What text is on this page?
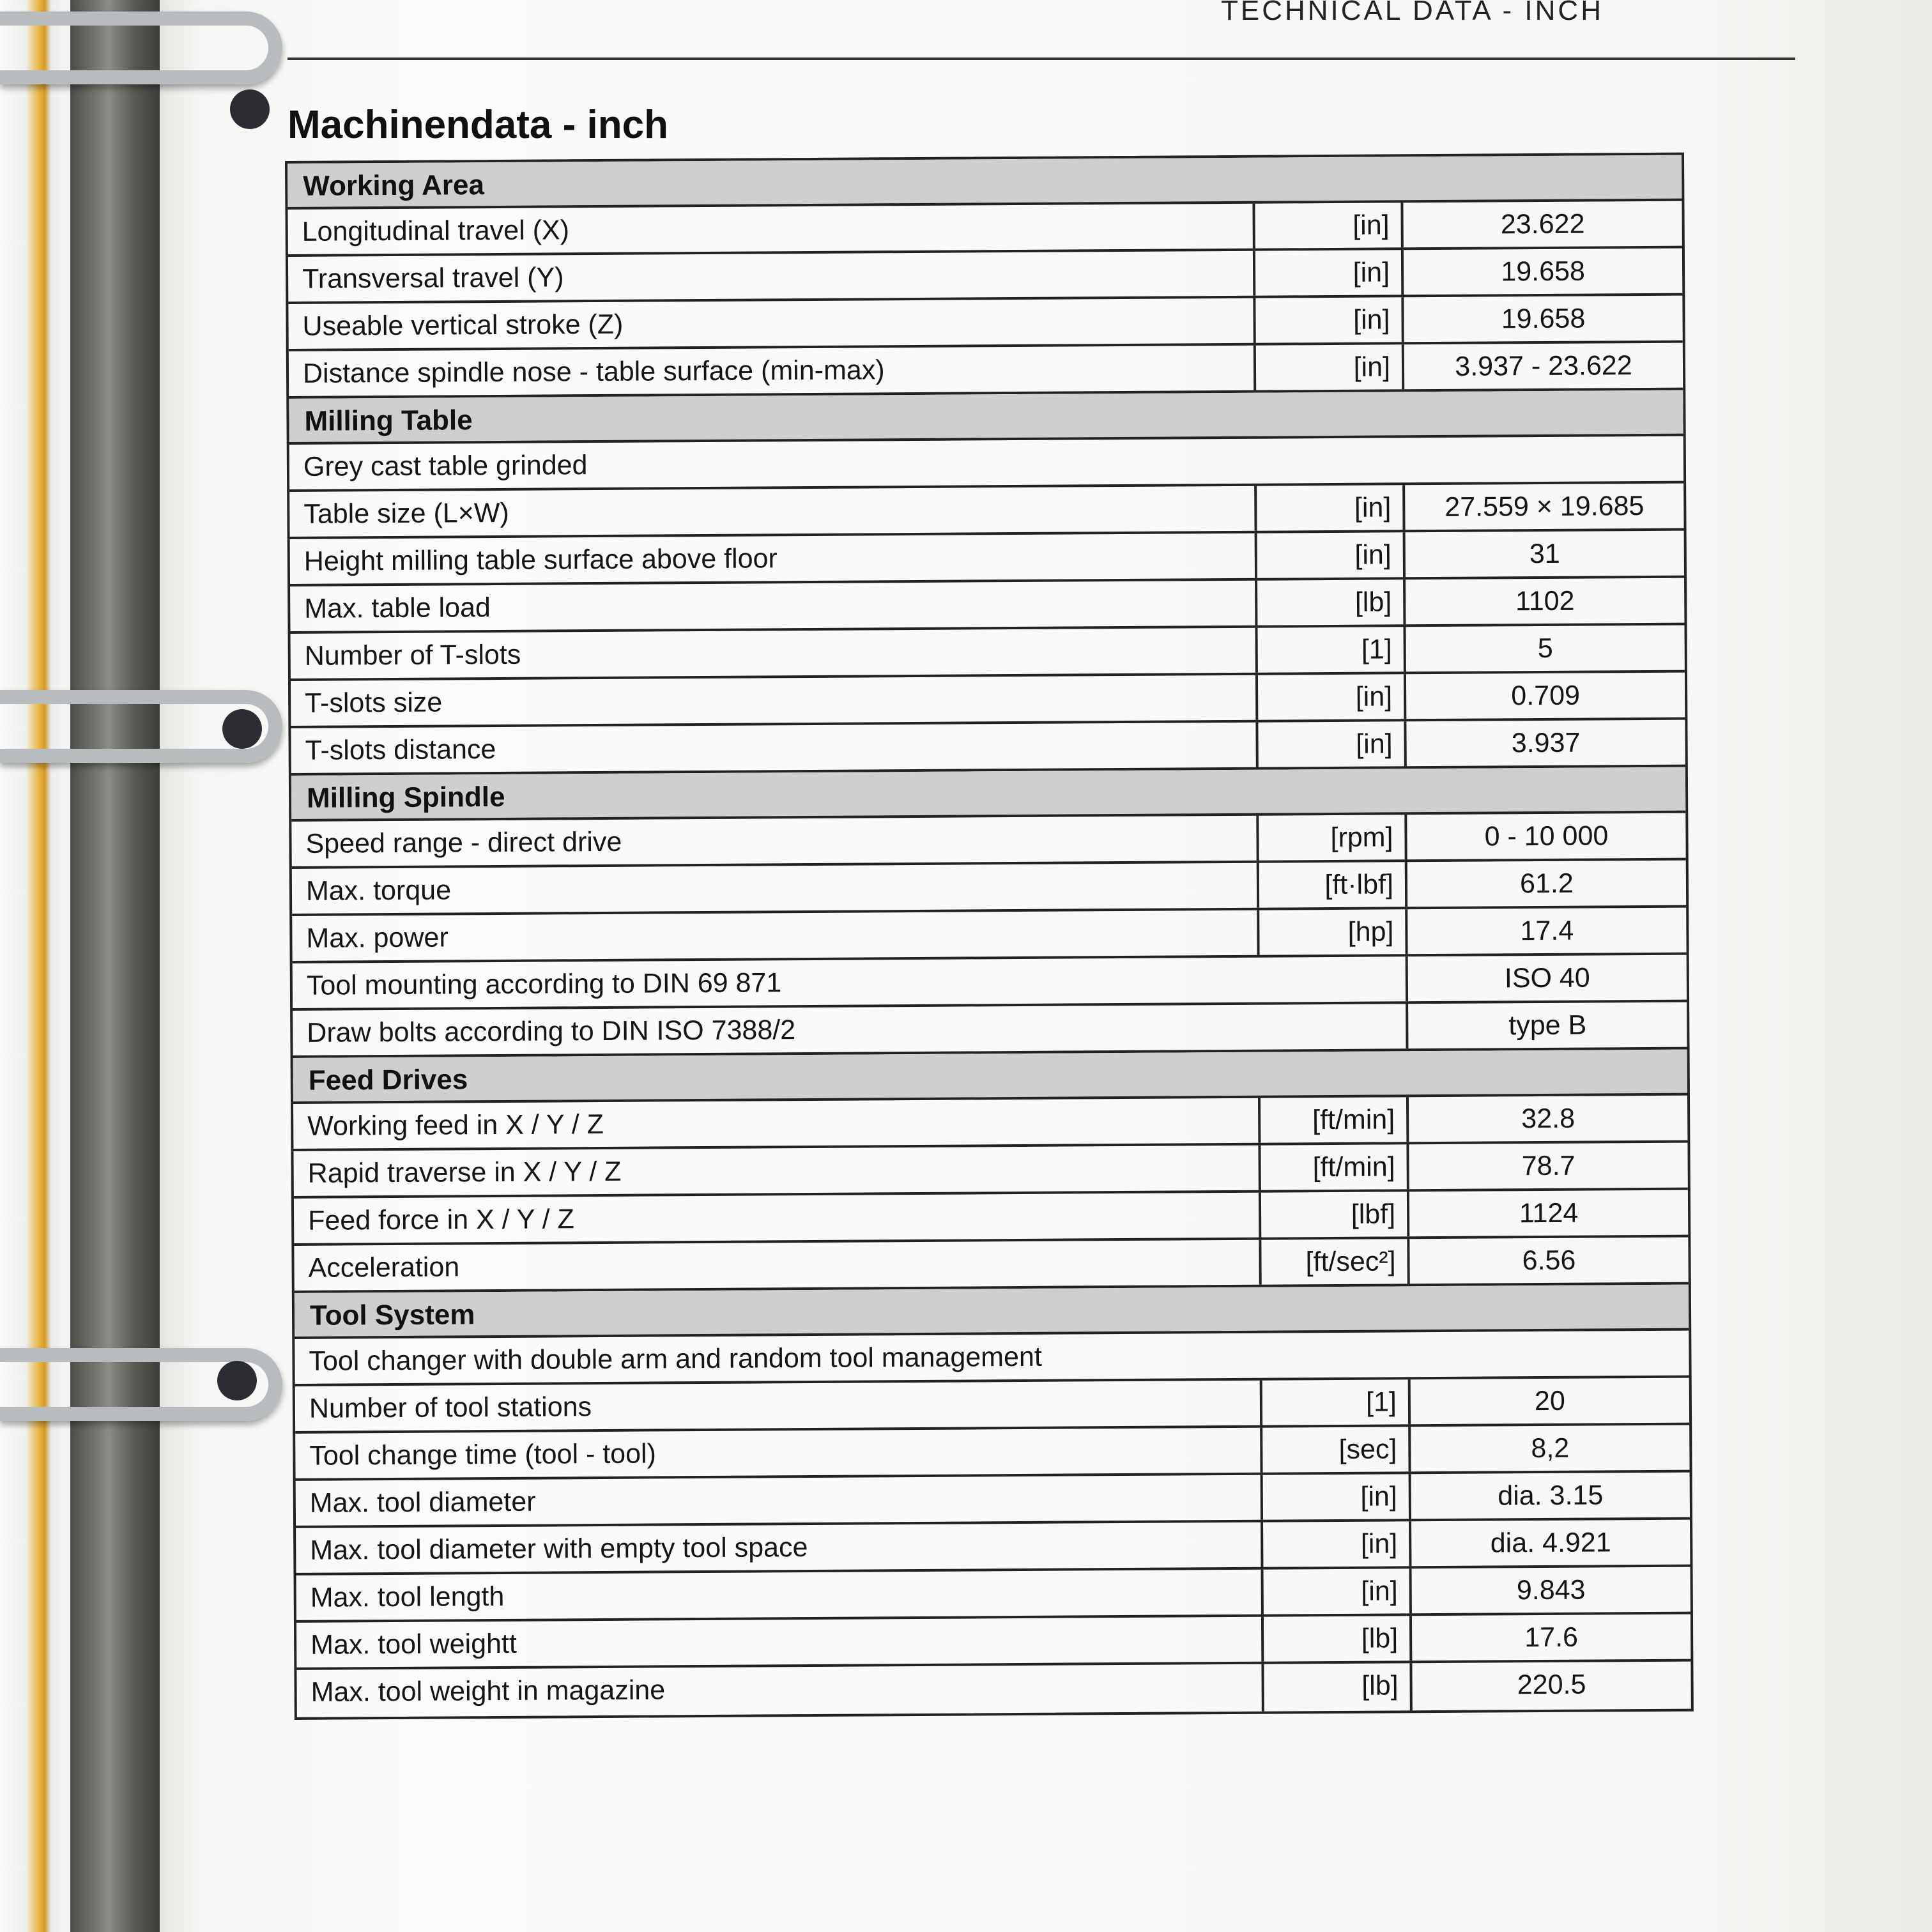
TECHNICAL DATA - INCH
Machinendata - inch
Working Area
Longitudinal travel (X)	[in]	23.622
Transversal travel (Y)	[in]	19.658
Useable vertical stroke (Z)	[in]	19.658
Distance spindle nose - table surface (min-max)	[in]	3.937 - 23.622
Milling Table
Grey cast table grinded
Table size (L×W)	[in]	27.559 × 19.685
Height milling table surface above floor	[in]	31
Max. table load	[lb]	1102
Number of T-slots	[1]	5
T-slots size	[in]	0.709
T-slots distance	[in]	3.937
Milling Spindle
Speed range - direct drive	[rpm]	0 - 10 000
Max. torque	[ft·lbf]	61.2
Max. power	[hp]	17.4
Tool mounting according to DIN 69 871	ISO 40
Draw bolts according to DIN ISO 7388/2	type B
Feed Drives
Working feed in X / Y / Z	[ft/min]	32.8
Rapid traverse in X / Y / Z	[ft/min]	78.7
Feed force in X / Y / Z	[lbf]	1124
Acceleration	[ft/sec²]	6.56
Tool System
Tool changer with double arm and random tool management
Number of tool stations	[1]	20
Tool change time (tool - tool)	[sec]	8,2
Max. tool diameter	[in]	dia. 3.15
Max. tool diameter with empty tool space	[in]	dia. 4.921
Max. tool length	[in]	9.843
Max. tool weightt	[lb]	17.6
Max. tool weight in magazine	[lb]	220.5
